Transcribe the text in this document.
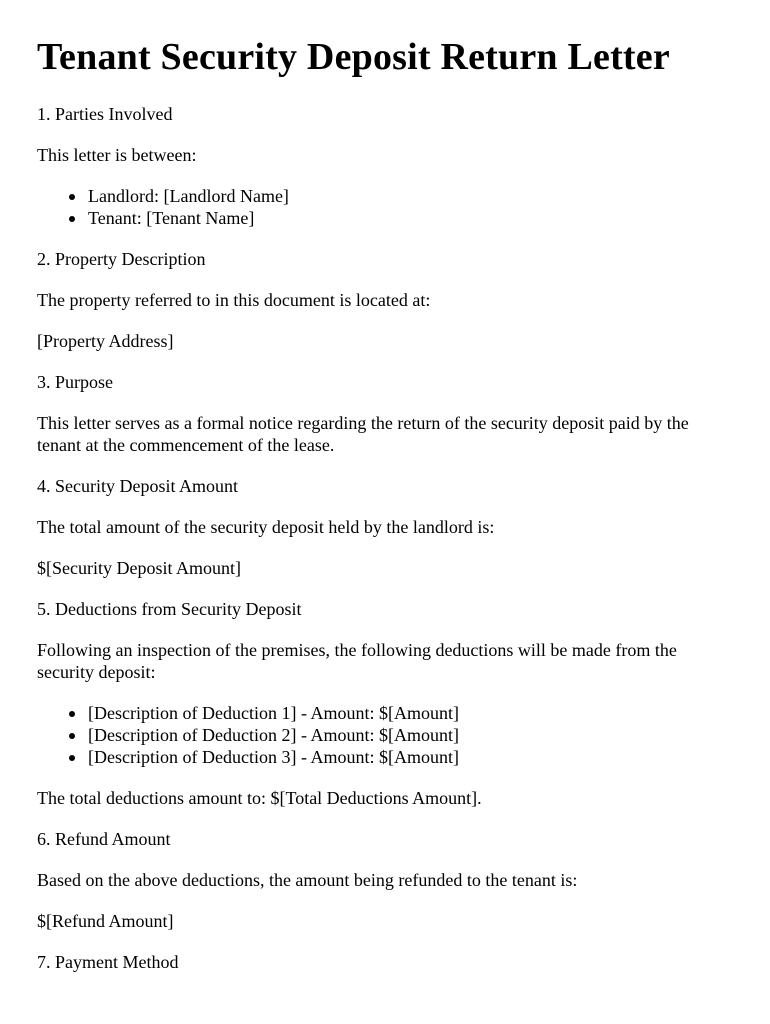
Tenant Security Deposit Return Letter

1. Parties Involved

This letter is between:

Landlord: [Landlord Name]
Tenant: [Tenant Name]

2. Property Description

The property referred to in this document is located at:

[Property Address]

3. Purpose

This letter serves as a formal notice regarding the return of the security deposit paid by the tenant at the commencement of the lease.

4. Security Deposit Amount

The total amount of the security deposit held by the landlord is:

$[Security Deposit Amount]

5. Deductions from Security Deposit

Following an inspection of the premises, the following deductions will be made from the security deposit:

[Description of Deduction 1] - Amount: $[Amount]
[Description of Deduction 2] - Amount: $[Amount]
[Description of Deduction 3] - Amount: $[Amount]

The total deductions amount to: $[Total Deductions Amount].

6. Refund Amount

Based on the above deductions, the amount being refunded to the tenant is:

$[Refund Amount]

7. Payment Method
